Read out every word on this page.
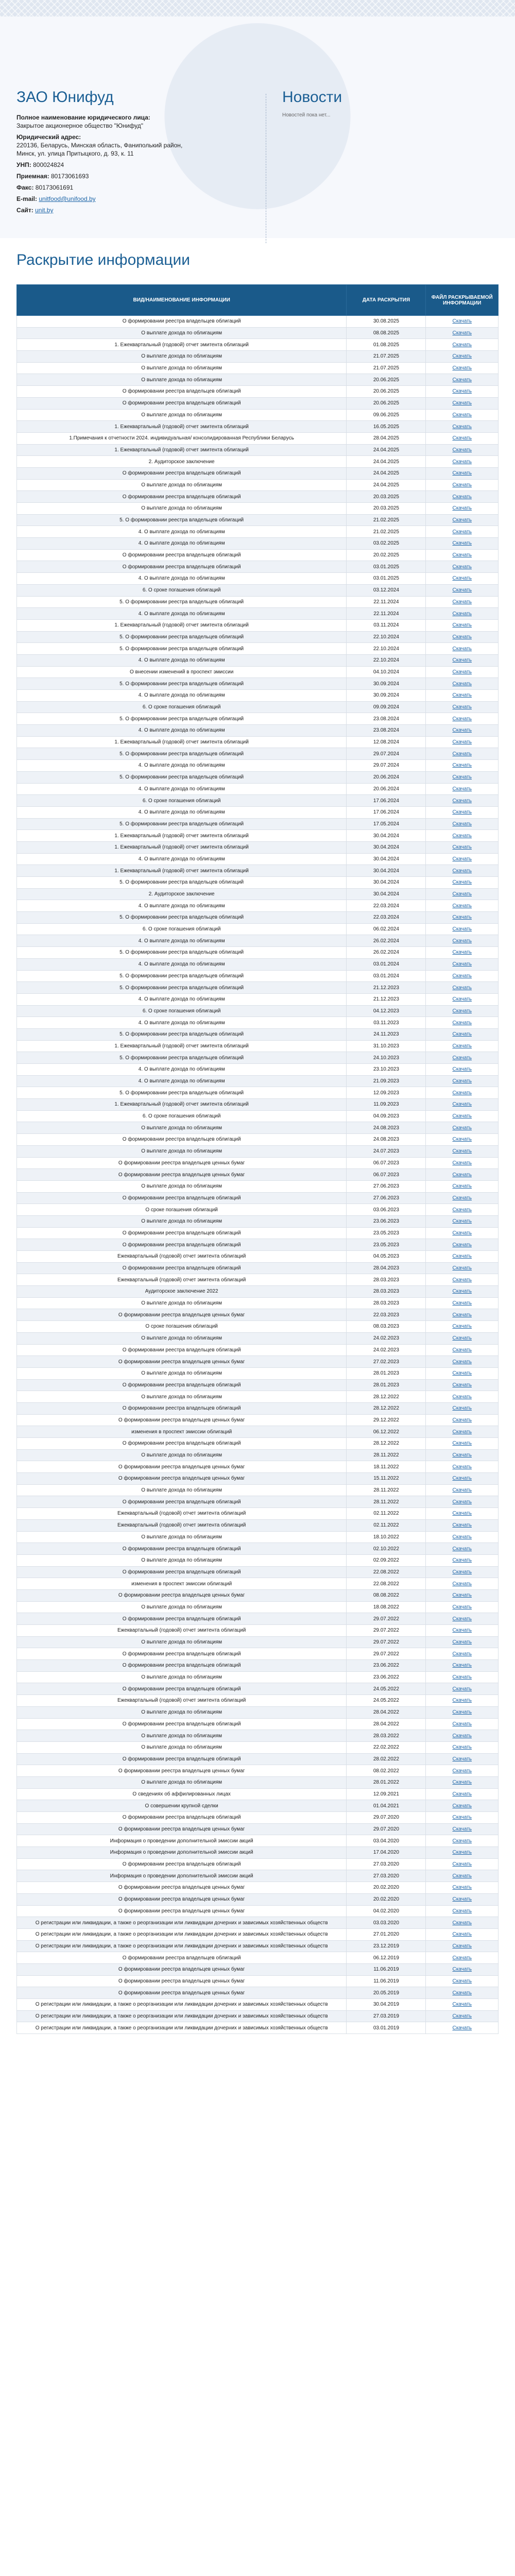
ЗАО Юнифуд

Полное наименование юридического лица:

Закрытое акционерное общество "Юнифуд"

Юридический адрес:

220136, Беларусь, Минская область, Фаниполький район,

Минск, ул. улица Притыцкого, д. 93, к. 11

УНП: 800024824

Приемная: 80173061693

Факс: 80173061691

E-mail: unitfood@unifood.by

Сайт: unit.by

Новости

Новостей пока нет...

Раскрытие информации
ВИД/НАИМЕНОВАНИЕ ИНФОРМАЦИИ	ДАТА РАСКРЫТИЯ	ФАЙЛ РАСКРЫВАЕМОЙ ИНФОРМАЦИИ
О формировании реестра владельцев облигаций	30.08.2025	Скачать
О выплате дохода по облигациям	08.08.2025	Скачать
1. Ежеквартальный (годовой) отчет эмитента облигаций	01.08.2025	Скачать
О выплате дохода по облигациям	21.07.2025	Скачать
О выплате дохода по облигациям	21.07.2025	Скачать
О выплате дохода по облигациям	20.06.2025	Скачать
О формировании реестра владельцев облигаций	20.06.2025	Скачать
О формировании реестра владельцев облигаций	20.06.2025	Скачать
О выплате дохода по облигациям	09.06.2025	Скачать
1. Ежеквартальный (годовой) отчет эмитента облигаций	16.05.2025	Скачать
1.Примечания к отчетности 2024. индивидуальная/ консолидированная Республики Беларусь	28.04.2025	Скачать
1. Ежеквартальный (годовой) отчет эмитента облигаций	24.04.2025	Скачать
2. Аудиторское заключение	24.04.2025	Скачать
О формировании реестра владельцев облигаций	24.04.2025	Скачать
О выплате дохода по облигациям	24.04.2025	Скачать
О формировании реестра владельцев облигаций	20.03.2025	Скачать
О выплате дохода по облигациям	20.03.2025	Скачать
5. О формировании реестра владельцев облигаций	21.02.2025	Скачать
4. О выплате дохода по облигациям	21.02.2025	Скачать
4. О выплате дохода по облигациям	03.02.2025	Скачать
О формировании реестра владельцев облигаций	20.02.2025	Скачать
О формировании реестра владельцев облигаций	03.01.2025	Скачать
4. О выплате дохода по облигациям	03.01.2025	Скачать
6. О сроке погашения облигаций	03.12.2024	Скачать
5. О формировании реестра владельцев облигаций	22.11.2024	Скачать
4. О выплате дохода по облигациям	22.11.2024	Скачать
1. Ежеквартальный (годовой) отчет эмитента облигаций	03.11.2024	Скачать
5. О формировании реестра владельцев облигаций	22.10.2024	Скачать
5. О формировании реестра владельцев облигаций	22.10.2024	Скачать
4. О выплате дохода по облигациям	22.10.2024	Скачать
О внесении изменений в проспект эмиссии	04.10.2024	Скачать
5. О формировании реестра владельцев облигаций	30.09.2024	Скачать
4. О выплате дохода по облигациям	30.09.2024	Скачать
6. О сроке погашения облигаций	09.09.2024	Скачать
5. О формировании реестра владельцев облигаций	23.08.2024	Скачать
4. О выплате дохода по облигациям	23.08.2024	Скачать
1. Ежеквартальный (годовой) отчет эмитента облигаций	12.08.2024	Скачать
5. О формировании реестра владельцев облигаций	29.07.2024	Скачать
4. О выплате дохода по облигациям	29.07.2024	Скачать
5. О формировании реестра владельцев облигаций	20.06.2024	Скачать
4. О выплате дохода по облигациям	20.06.2024	Скачать
6. О сроке погашения облигаций	17.06.2024	Скачать
4. О выплате дохода по облигациям	17.06.2024	Скачать
5. О формировании реестра владельцев облигаций	17.05.2024	Скачать
1. Ежеквартальный (годовой) отчет эмитента облигаций	30.04.2024	Скачать
1. Ежеквартальный (годовой) отчет эмитента облигаций	30.04.2024	Скачать
4. О выплате дохода по облигациям	30.04.2024	Скачать
1. Ежеквартальный (годовой) отчет эмитента облигаций	30.04.2024	Скачать
5. О формировании реестра владельцев облигаций	30.04.2024	Скачать
2. Аудиторское заключение	30.04.2024	Скачать
4. О выплате дохода по облигациям	22.03.2024	Скачать
5. О формировании реестра владельцев облигаций	22.03.2024	Скачать
6. О сроке погашения облигаций	06.02.2024	Скачать
4. О выплате дохода по облигациям	26.02.2024	Скачать
5. О формировании реестра владельцев облигаций	26.02.2024	Скачать
4. О выплате дохода по облигациям	03.01.2024	Скачать
5. О формировании реестра владельцев облигаций	03.01.2024	Скачать
5. О формировании реестра владельцев облигаций	21.12.2023	Скачать
4. О выплате дохода по облигациям	21.12.2023	Скачать
6. О сроке погашения облигаций	04.12.2023	Скачать
4. О выплате дохода по облигациям	03.11.2023	Скачать
5. О формировании реестра владельцев облигаций	24.11.2023	Скачать
1. Ежеквартальный (годовой) отчет эмитента облигаций	31.10.2023	Скачать
5. О формировании реестра владельцев облигаций	24.10.2023	Скачать
4. О выплате дохода по облигациям	23.10.2023	Скачать
4. О выплате дохода по облигациям	21.09.2023	Скачать
5. О формировании реестра владельцев облигаций	12.09.2023	Скачать
1. Ежеквартальный (годовой) отчет эмитента облигаций	11.09.2023	Скачать
6. О сроке погашения облигаций	04.09.2023	Скачать
О выплате дохода по облигациям	24.08.2023	Скачать
О формировании реестра владельцев облигаций	24.08.2023	Скачать
О выплате дохода по облигациям	24.07.2023	Скачать
О формировании реестра владельцев ценных бумаг	06.07.2023	Скачать
О формировании реестра владельцев ценных бумаг	06.07.2023	Скачать
О выплате дохода по облигациям	27.06.2023	Скачать
О формировании реестра владельцев облигаций	27.06.2023	Скачать
О сроке погашения облигаций	03.06.2023	Скачать
О выплате дохода по облигациям	23.06.2023	Скачать
О формировании реестра владельцев облигаций	23.05.2023	Скачать
О формировании реестра владельцев облигаций	23.05.2023	Скачать
Ежеквартальный (годовой) отчет эмитента облигаций	04.05.2023	Скачать
О формировании реестра владельцев облигаций	28.04.2023	Скачать
Ежеквартальный (годовой) отчет эмитента облигаций	28.03.2023	Скачать
Аудиторское заключение 2022	28.03.2023	Скачать
О выплате дохода по облигациям	28.03.2023	Скачать
О формировании реестра владельцев ценных бумаг	22.03.2023	Скачать
О сроке погашения облигаций	08.03.2023	Скачать
О выплате дохода по облигациям	24.02.2023	Скачать
О формировании реестра владельцев облигаций	24.02.2023	Скачать
О формировании реестра владельцев ценных бумаг	27.02.2023	Скачать
О выплате дохода по облигациям	28.01.2023	Скачать
О формировании реестра владельцев облигаций	28.01.2023	Скачать
О выплате дохода по облигациям	28.12.2022	Скачать
О формировании реестра владельцев облигаций	28.12.2022	Скачать
О формировании реестра владельцев ценных бумаг	29.12.2022	Скачать
изменения в проспект эмиссии облигаций	06.12.2022	Скачать
О формировании реестра владельцев облигаций	28.12.2022	Скачать
О выплате дохода по облигациям	28.11.2022	Скачать
О формировании реестра владельцев ценных бумаг	18.11.2022	Скачать
О формировании реестра владельцев ценных бумаг	15.11.2022	Скачать
О выплате дохода по облигациям	28.11.2022	Скачать
О формировании реестра владельцев облигаций	28.11.2022	Скачать
Ежеквартальный (годовой) отчет эмитента облигаций	02.11.2022	Скачать
Ежеквартальный (годовой) отчет эмитента облигаций	02.11.2022	Скачать
О выплате дохода по облигациям	18.10.2022	Скачать
О формировании реестра владельцев облигаций	02.10.2022	Скачать
О выплате дохода по облигациям	02.09.2022	Скачать
О формировании реестра владельцев облигаций	22.08.2022	Скачать
изменения в проспект эмиссии облигаций	22.08.2022	Скачать
О формировании реестра владельцев ценных бумаг	08.08.2022	Скачать
О выплате дохода по облигациям	18.08.2022	Скачать
О формировании реестра владельцев облигаций	29.07.2022	Скачать
Ежеквартальный (годовой) отчет эмитента облигаций	29.07.2022	Скачать
О выплате дохода по облигациям	29.07.2022	Скачать
О формировании реестра владельцев облигаций	29.07.2022	Скачать
О формировании реестра владельцев облигаций	23.06.2022	Скачать
О выплате дохода по облигациям	23.06.2022	Скачать
О формировании реестра владельцев облигаций	24.05.2022	Скачать
Ежеквартальный (годовой) отчет эмитента облигаций	24.05.2022	Скачать
О выплате дохода по облигациям	28.04.2022	Скачать
О формировании реестра владельцев облигаций	28.04.2022	Скачать
О выплате дохода по облигациям	28.03.2022	Скачать
О выплате дохода по облигациям	22.02.2022	Скачать
О формировании реестра владельцев облигаций	28.02.2022	Скачать
О формировании реестра владельцев ценных бумаг	08.02.2022	Скачать
О выплате дохода по облигациям	28.01.2022	Скачать
О сведениях об аффилированных лицах	12.09.2021	Скачать
О совершении крупной сделки	01.04.2021	Скачать
О формировании реестра владельцев облигаций	29.07.2020	Скачать
О формировании реестра владельцев ценных бумаг	29.07.2020	Скачать
Информация о проведении дополнительной эмиссии акций	03.04.2020	Скачать
Информация о проведении дополнительной эмиссии акций	17.04.2020	Скачать
О формировании реестра владельцев облигаций	27.03.2020	Скачать
Информация о проведении дополнительной эмиссии акций	27.03.2020	Скачать
О формировании реестра владельцев ценных бумаг	20.02.2020	Скачать
О формировании реестра владельцев ценных бумаг	20.02.2020	Скачать
О формировании реестра владельцев ценных бумаг	04.02.2020	Скачать
О регистрации или ликвидации, а также о реорганизации или ликвидации дочерних и зависимых хозяйственных обществ	03.03.2020	Скачать
О регистрации или ликвидации, а также о реорганизации или ликвидации дочерних и зависимых хозяйственных обществ	27.01.2020	Скачать
О регистрации или ликвидации, а также о реорганизации или ликвидации дочерних и зависимых хозяйственных обществ	23.12.2019	Скачать
О формировании реестра владельцев облигаций	06.12.2019	Скачать
О формировании реестра владельцев ценных бумаг	11.06.2019	Скачать
О формировании реестра владельцев ценных бумаг	11.06.2019	Скачать
О формировании реестра владельцев ценных бумаг	20.05.2019	Скачать
О регистрации или ликвидации, а также о реорганизации или ликвидации дочерних и зависимых хозяйственных обществ	30.04.2019	Скачать
О регистрации или ликвидации, а также о реорганизации или ликвидации дочерних и зависимых хозяйственных обществ	27.03.2019	Скачать
О регистрации или ликвидации, а также о реорганизации или ликвидации дочерних и зависимых хозяйственных обществ	03.01.2019	Скачать
